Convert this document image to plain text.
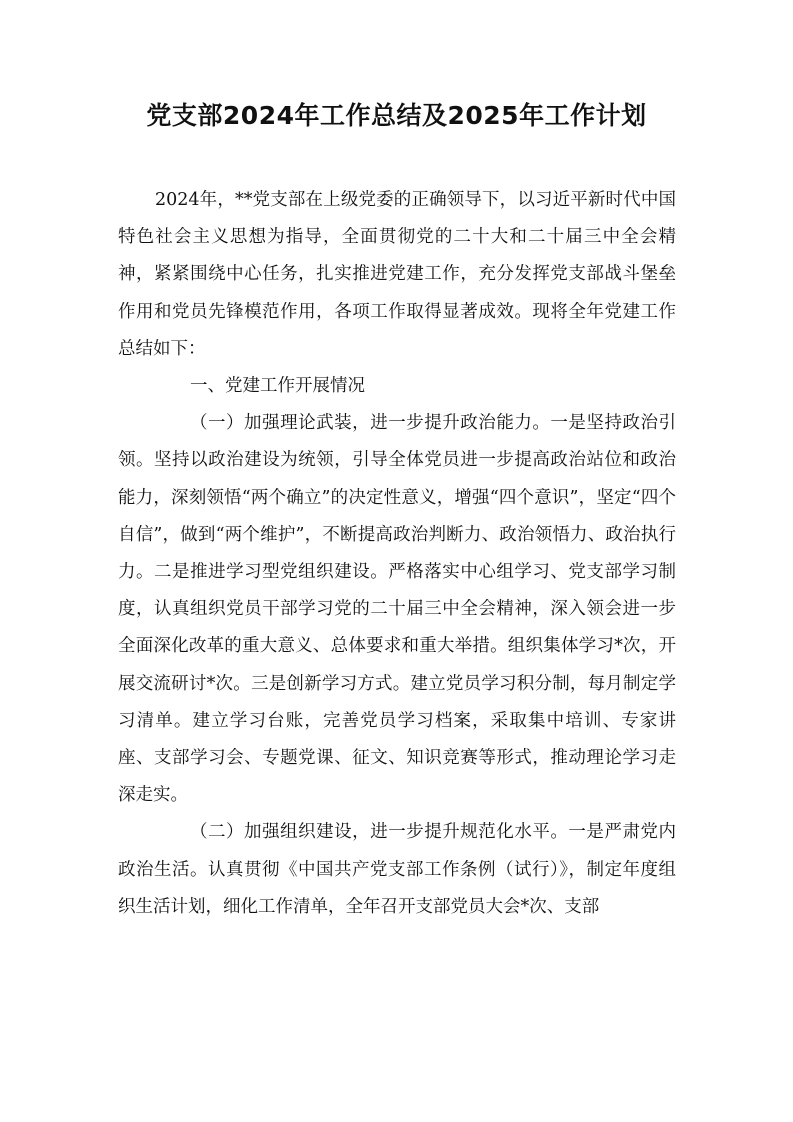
党支部2024年工作总结及2025年工作计划

2024年，**党支部在上级党委的正确领导下，以习近平新时代中国特色社会主义思想为指导，全面贯彻党的二十大和二十届三中全会精神，紧紧围绕中心任务，扎实推进党建工作，充分发挥党支部战斗堡垒作用和党员先锋模范作用，各项工作取得显著成效。现将全年党建工作总结如下：

一、党建工作开展情况

（一）加强理论武装，进一步提升政治能力。一是坚持政治引领。坚持以政治建设为统领，引导全体党员进一步提高政治站位和政治能力，深刻领悟“两个确立”的决定性意义，增强“四个意识”，坚定“四个自信”，做到“两个维护”，不断提高政治判断力、政治领悟力、政治执行力。二是推进学习型党组织建设。严格落实中心组学习、党支部学习制度，认真组织党员干部学习党的二十届三中全会精神，深入领会进一步全面深化改革的重大意义、总体要求和重大举措。组织集体学习*次，开展交流研讨*次。三是创新学习方式。建立党员学习积分制，每月制定学习清单。建立学习台账，完善党员学习档案，采取集中培训、专家讲座、支部学习会、专题党课、征文、知识竞赛等形式，推动理论学习走深走实。

（二）加强组织建设，进一步提升规范化水平。一是严肃党内政治生活。认真贯彻《中国共产党支部工作条例（试行）》，制定年度组织生活计划，细化工作清单，全年召开支部党员大会*次、支部
